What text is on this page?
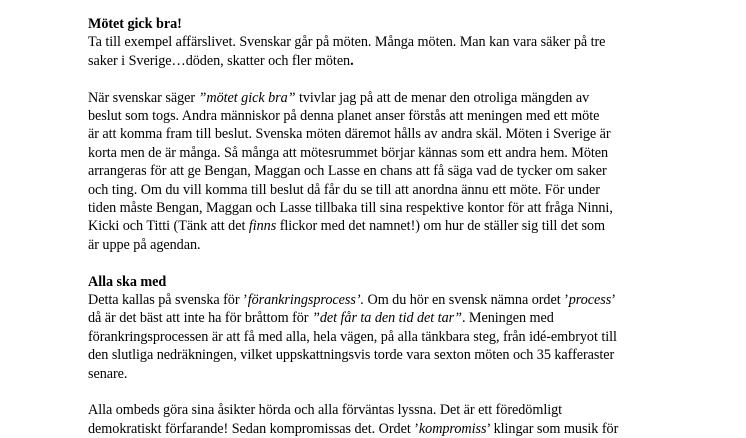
Mötet gick bra!

Ta till exempel affärslivet. Svenskar går på möten. Många möten. Man kan vara säker på tre

saker i Sverige…döden, skatter och fler möten.

När svenskar säger ”mötet gick bra” tvivlar jag på att de menar den otroliga mängden av

beslut som togs. Andra människor på denna planet anser förstås att meningen med ett möte

är att komma fram till beslut. Svenska möten däremot hålls av andra skäl. Möten i Sverige är

korta men de är många. Så många att mötesrummet börjar kännas som ett andra hem. Möten

arrangeras för att ge Bengan, Maggan och Lasse en chans att få säga vad de tycker om saker

och ting. Om du vill komma till beslut då får du se till att anordna ännu ett möte. För under

tiden måste Bengan, Maggan och Lasse tillbaka till sina respektive kontor för att fråga Ninni,

Kicki och Titti (Tänk att det finns flickor med det namnet!) om hur de ställer sig till det som

är uppe på agendan.

Alla ska med

Detta kallas på svenska för ’förankringsprocess’. Om du hör en svensk nämna ordet ’process’

då är det bäst att inte ha för bråttom för ”det får ta den tid det tar”. Meningen med

förankringsprocessen är att få med alla, hela vägen, på alla tänkbara steg, från idé-embryot till

den slutliga nedräkningen, vilket uppskattningsvis torde vara sexton möten och 35 kafferaster

senare.

Alla ombeds göra sina åsikter hörda och alla förväntas lyssna. Det är ett föredömligt

demokratiskt förfarande! Sedan kompromissas det. Ordet ’kompromiss’ klingar som musik för
